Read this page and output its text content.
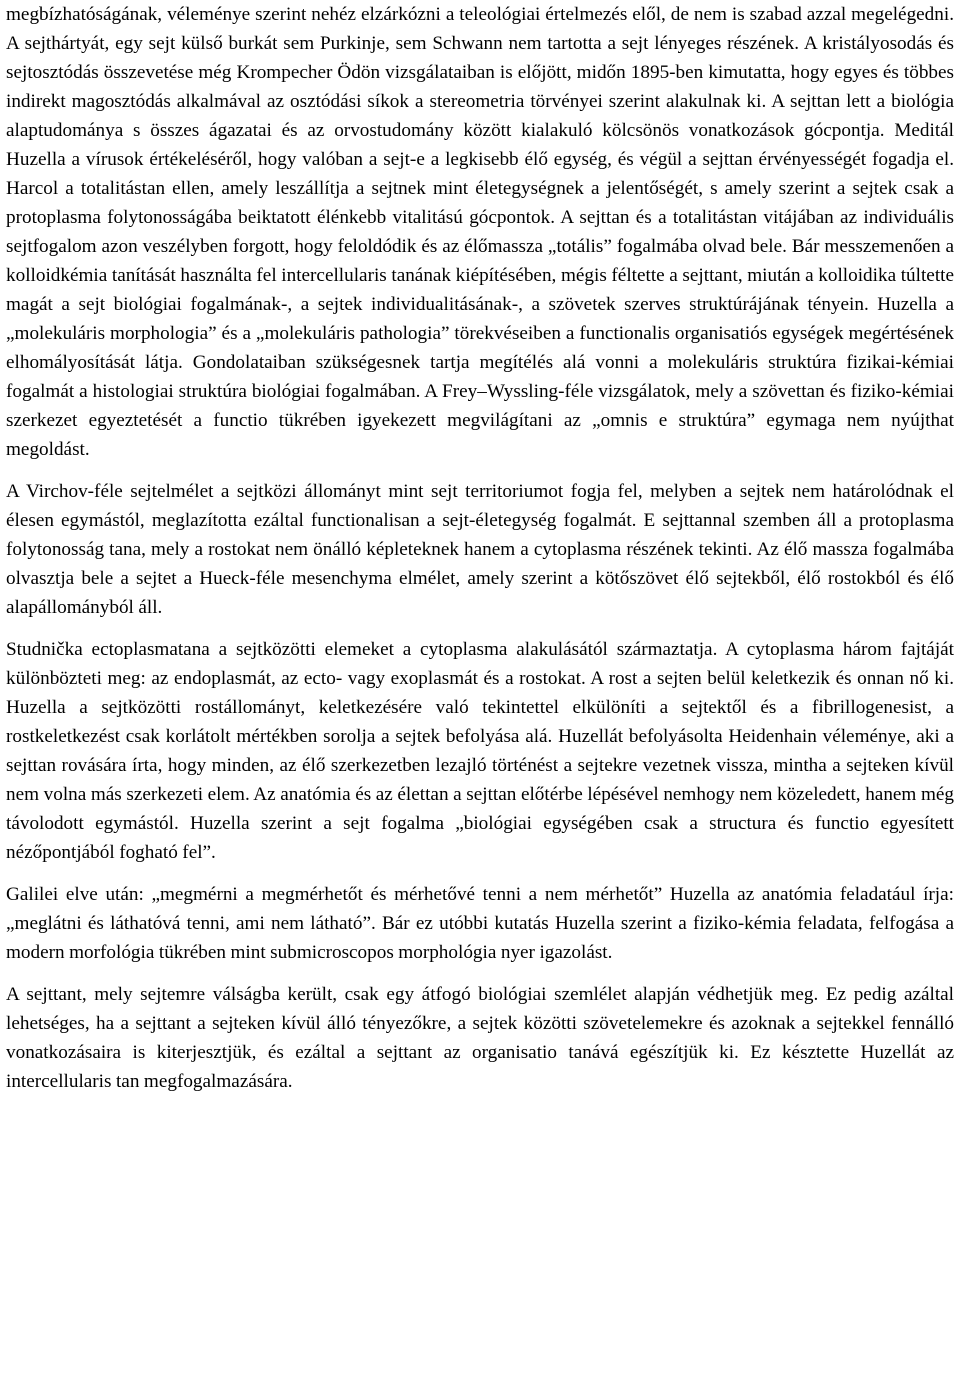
megbízhatóságának, véleménye szerint nehéz elzárkózni a teleológiai értelmezés elől, de nem is szabad azzal megelégedni. A sejthártyát, egy sejt külső burkát sem Purkinje, sem Schwann nem tartotta a sejt lényeges részének. A kristályosodás és sejtosztódás összevetése még Krompecher Ödön vizsgálataiban is előjött, midőn 1895-ben kimutatta, hogy egyes és többes indirekt magosztódás alkalmával az osztódási síkok a stereometria törvényei szerint alakulnak ki. A sejttan lett a biológia alaptudománya s összes ágazatai és az orvostudomány között kialakuló kölcsönös vonatkozások gócpontja. Meditál Huzella a vírusok értékeléséről, hogy valóban a sejt-e a legkisebb élő egység, és végül a sejttan érvényességét fogadja el. Harcol a totalitástan ellen, amely leszállítja a sejtnek mint életegységnek a jelentőségét, s amely szerint a sejtek csak a protoplasma folytonosságába beiktatott élénkebb vitalitású gócpontok. A sejttan és a totalitástan vitájában az individuális sejtfogalom azon veszélyben forgott, hogy feloldódik és az élőmassza „totális” fogalmába olvad bele. Bár messzemenően a kolloidkémia tanítását használta fel intercellularis tanának kiépítésében, mégis féltette a sejttant, miután a kolloidika túltette magát a sejt biológiai fogalmának-, a sejtek individualitásának-, a szövetek szerves struktúrájának tényein. Huzella a „molekuláris morphologia” és a „molekuláris pathologia” törekvéseiben a functionalis organisatiós egységek megértésének elhomályosítását látja. Gondolataiban szükségesnek tartja megítélés alá vonni a molekuláris struktúra fizikai-kémiai fogalmát a histologiai struktúra biológiai fogalmában. A Frey–Wyssling-féle vizsgálatok, mely a szövettan és fiziko-kémiai szerkezet egyeztetését a functio tükrében igyekezett megvilágítani az „omnis e struktúra” egymaga nem nyújthat megoldást.

A Virchov-féle sejtelmélet a sejtközi állományt mint sejt territoriumot fogja fel, melyben a sejtek nem határolódnak el élesen egymástól, meglazította ezáltal functionalisan a sejt-életegység fogalmát. E sejttannal szemben áll a protoplasma folytonosság tana, mely a rostokat nem önálló képleteknek hanem a cytoplasma részének tekinti. Az élő massza fogalmába olvasztja bele a sejtet a Hueck-féle mesenchyma elmélet, amely szerint a kötőszövet élő sejtekből, élő rostokból és élő alapállományból áll.

Studnička ectoplasmatana a sejtközötti elemeket a cytoplasma alakulásától származtatja. A cytoplasma három fajtáját különbözteti meg: az endoplasmát, az ecto- vagy exoplasmát és a rostokat. A rost a sejten belül keletkezik és onnan nő ki. Huzella a sejtközötti rostállományt, keletkezésére való tekintettel elkülöníti a sejtektől és a fibrillogenesist, a rostkeletkezést csak korlátolt mértékben sorolja a sejtek befolyása alá. Huzellát befolyásolta Heidenhain véleménye, aki a sejttan rovására írta, hogy minden, az élő szerkezetben lezajló történést a sejtekre vezetnek vissza, mintha a sejteken kívül nem volna más szerkezeti elem. Az anatómia és az élettan a sejttan előtérbe lépésével nemhogy nem közeledett, hanem még távolodott egymástól. Huzella szerint a sejt fogalma „biológiai egységében csak a structura és functio egyesített nézőpontjából fogható fel”.

Galilei elve után: „megmérni a megmérhetőt és mérhetővé tenni a nem mérhetőt” Huzella az anatómia feladatául írja: „meglátni és láthatóvá tenni, ami nem látható”. Bár ez utóbbi kutatás Huzella szerint a fiziko-kémia feladata, felfogása a modern morfológia tükrében mint submicroscopos morphológia nyer igazolást.

A sejttant, mely sejtemre válságba került, csak egy átfogó biológiai szemlélet alapján védhetjük meg. Ez pedig azáltal lehetséges, ha a sejttant a sejteken kívül álló tényezőkre, a sejtek közötti szövetelemekre és azoknak a sejtekkel fennálló vonatkozásaira is kiterjesztjük, és ezáltal a sejttant az organisatio tanává egészítjük ki. Ez késztette Huzellát az intercellularis tan megfogalmazására.
